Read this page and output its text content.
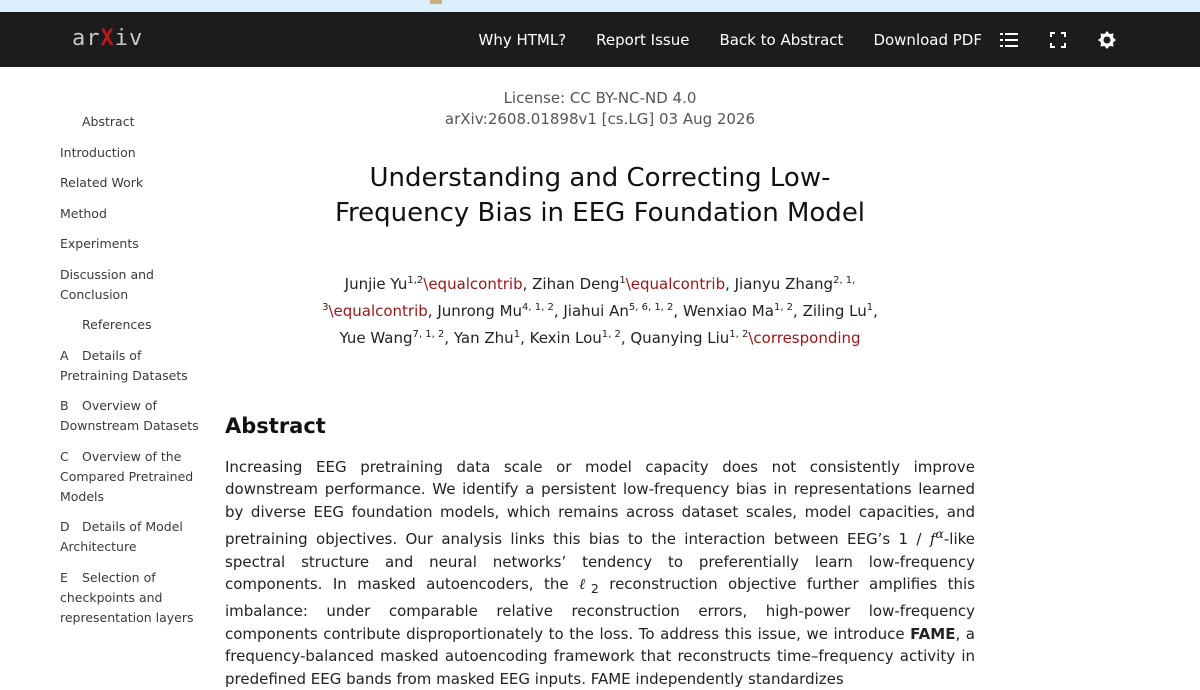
arXiv	Why HTML? Report Issue Back to Abstract Download PDF
Abstract
Introduction
Related Work
Method
Experiments
Discussion and Conclusion
References
A Details of Pretraining Datasets
B Overview of Downstream Datasets
C Overview of the Compared Pretrained Models
D Details of Model Architecture
E Selection of checkpoints and representation layers
License: CC BY-NC-ND 4.0
arXiv:2608.01898v1 [cs.LG] 03 Aug 2026
Understanding and Correcting Low-
Frequency Bias in EEG Foundation Model
Junjie Yu$^{1,2}$\equalcontrib, Zihan Deng$^1$\equalcontrib, Jianyu Zhang$^{2, 1,}$
$^3$\equalcontrib, Junrong Mu$^{4, 1, 2}$, Jiahui An$^{5, 6, 1, 2}$, Wenxiao Ma$^{1, 2}$, Ziling Lu$^1$,
Yue Wang$^{7, 1, 2}$, Yan Zhu$^1$, Kexin Lou$^{1, 2}$, Quanying Liu$^{1, 2}$\corresponding
Abstract
Increasing EEG pretraining data scale or model capacity does not consistently improve downstream performance. We identify a persistent low-frequency bias in representations learned by diverse EEG foundation models, which remains across dataset scales, model capacities, and pretraining objectives. Our analysis links this bias to the interaction between EEG’s $1 / f^\alpha$-like spectral structure and neural networks’ tendency to preferentially learn low-frequency components. In masked autoencoders, the ℓ$_2$ reconstruction objective further amplifies this imbalance: under comparable relative reconstruction errors, high-power low-frequency components contribute disproportionately to the loss. To address this issue, we introduce FAME, a frequency-balanced masked autoencoding framework that reconstructs time–frequency activity in predefined EEG bands from masked EEG inputs. FAME independently standardizes
